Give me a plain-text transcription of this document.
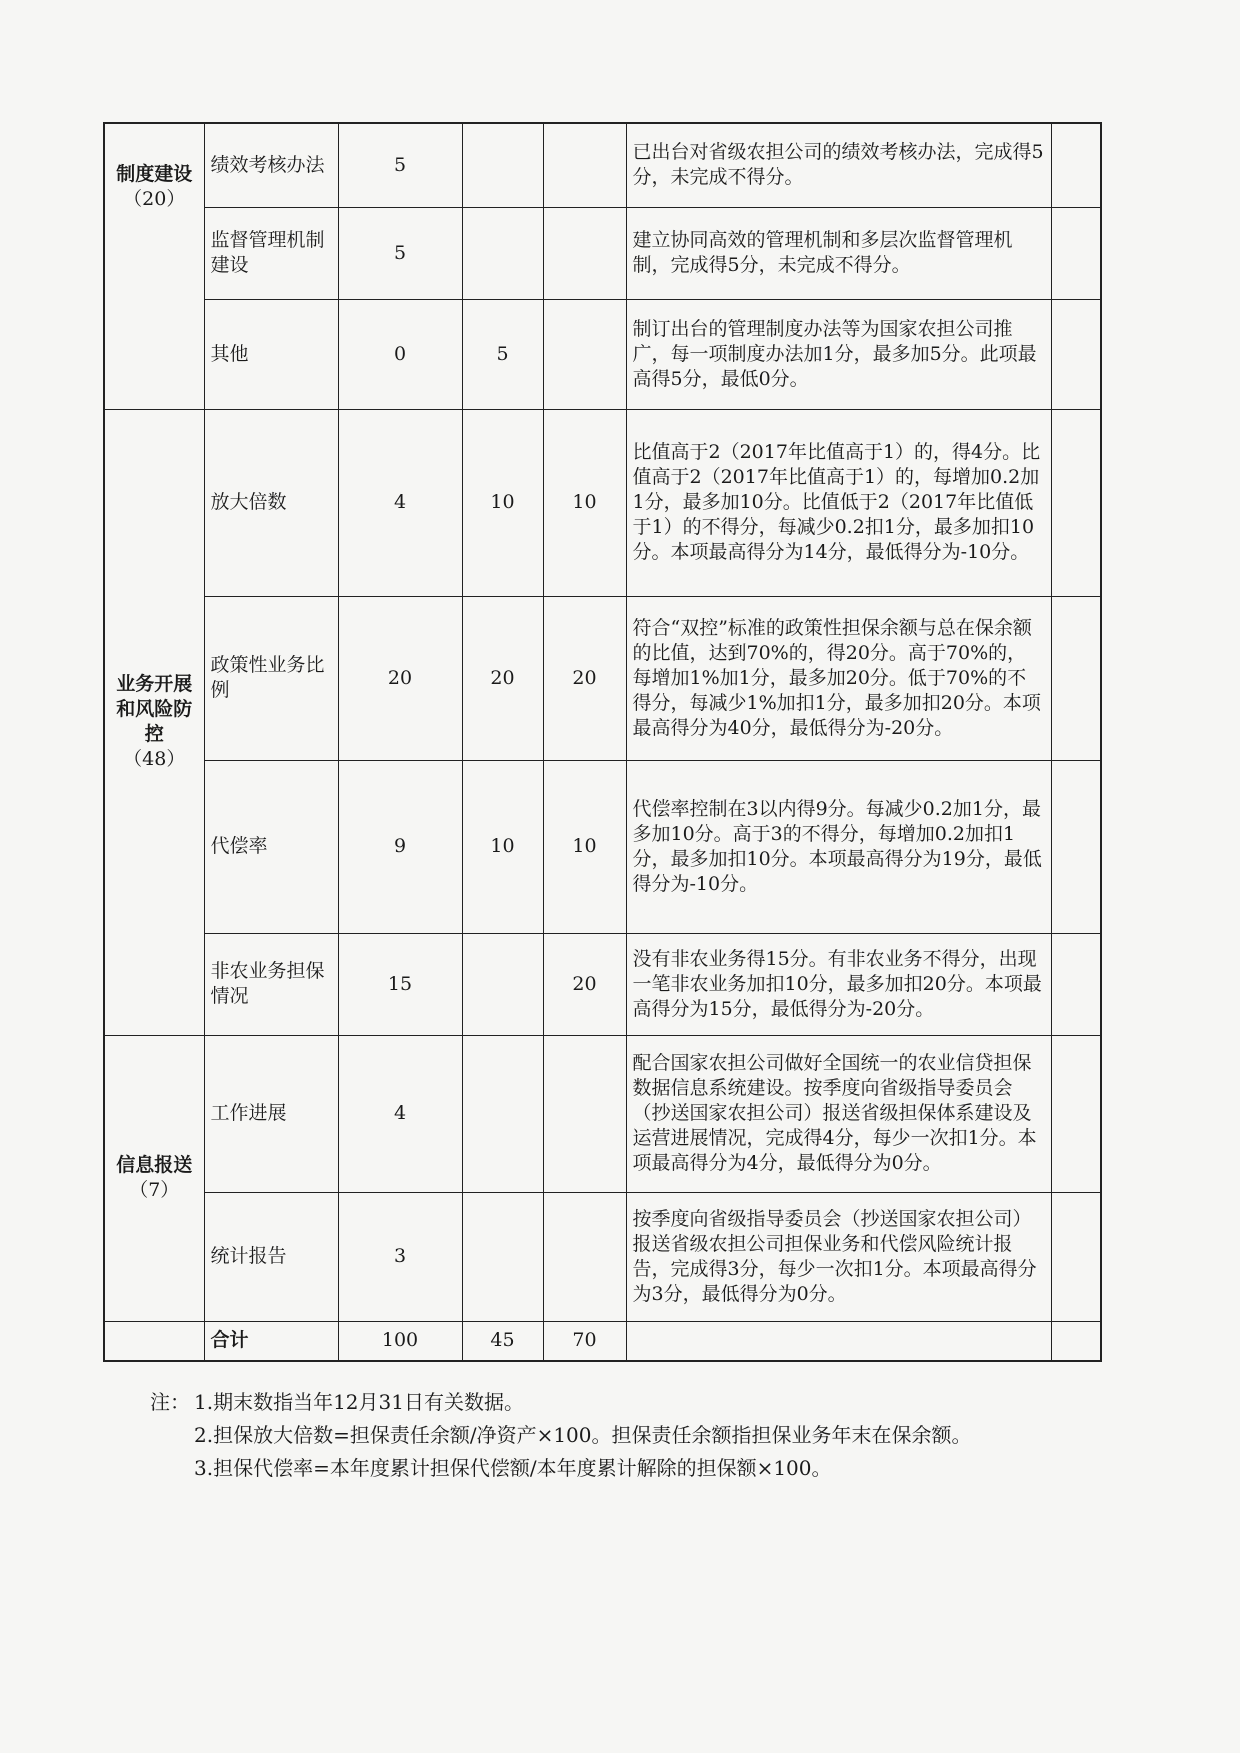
制度建设
（20）	绩效考核办法	5			已出台对省级农担公司的绩效考核办法，完成得5分，未完成不得分。	
	监督管理机制建设	5			建立协同高效的管理机制和多层次监督管理机制，完成得5分，未完成不得分。	
	其他	0	5		制订出台的管理制度办法等为国家农担公司推广，每一项制度办法加1分，最多加5分。此项最高得5分，最低0分。	
业务开展和风险防控
（48）	放大倍数	4	10	10	比值高于2（2017年比值高于1）的，得4分。比值高于2（2017年比值高于1）的，每增加0.2加1分，最多加10分。比值低于2（2017年比值低于1）的不得分，每减少0.2扣1分，最多加扣10分。本项最高得分为14分，最低得分为-10分。	
	政策性业务比例	20	20	20	符合“双控”标准的政策性担保余额与总在保余额的比值，达到70%的，得20分。高于70%的，每增加1%加1分，最多加20分。低于70%的不得分，每减少1%加扣1分，最多加扣20分。本项最高得分为40分，最低得分为-20分。	
	代偿率	9	10	10	代偿率控制在3以内得9分。每减少0.2加1分，最多加10分。高于3的不得分，每增加0.2加扣1分，最多加扣10分。本项最高得分为19分，最低得分为-10分。	
	非农业务担保情况	15		20	没有非农业务得15分。有非农业务不得分，出现一笔非农业务加扣10分，最多加扣20分。本项最高得分为15分，最低得分为-20分。	
信息报送
（7）	工作进展	4			配合国家农担公司做好全国统一的农业信贷担保数据信息系统建设。按季度向省级指导委员会（抄送国家农担公司）报送省级担保体系建设及运营进展情况，完成得4分，每少一次扣1分。本项最高得分为4分，最低得分为0分。	
	统计报告	3			按季度向省级指导委员会（抄送国家农担公司）报送省级农担公司担保业务和代偿风险统计报告，完成得3分，每少一次扣1分。本项最高得分为3分，最低得分为0分。	
	合计	100	45	70		
注： 1.期末数指当年12月31日有关数据。
2.担保放大倍数=担保责任余额/净资产×100。担保责任余额指担保业务年末在保余额。
3.担保代偿率=本年度累计担保代偿额/本年度累计解除的担保额×100。
